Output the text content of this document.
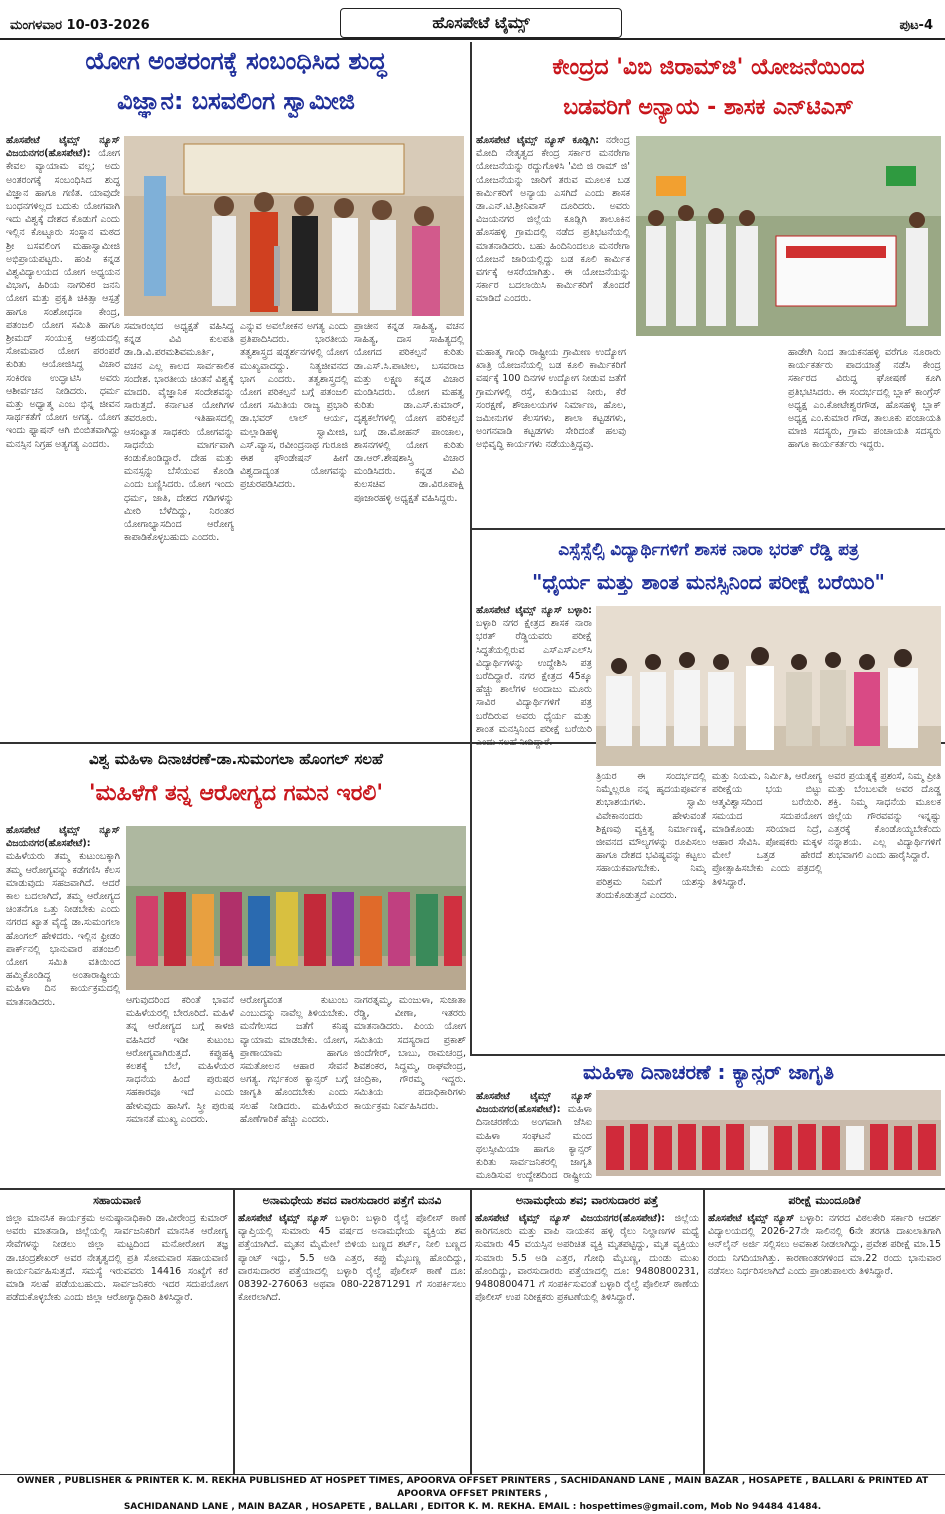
ಮಂಗಳವಾರ 10-03-2026	ಹೊಸಪೇಟೆ ಟೈಮ್ಸ್	ಪುಟ-4
ಯೋಗ ಅಂತರಂಗಕ್ಕೆ ಸಂಬಂಧಿಸಿದ ಶುದ್ಧ
ವಿಜ್ಞಾನ: ಬಸವಲಿಂಗ ಸ್ವಾಮೀಜಿ
ಹೊಸಪೇಟೆ ಟೈಮ್ಸ್ ನ್ಯೂಸ್ ವಿಜಯನಗರ(ಹೊಸಪೇಟೆ): ಯೋಗ ಕೇವಲ ವ್ಯಾಯಾಮ ವಲ್ಲ; ಅದು ಅಂತರಂಗಕ್ಕೆ ಸಂಬಂಧಿಸಿದ ಶುದ್ಧ ವಿಜ್ಞಾನ ಹಾಗೂ ಗಣಿತ. ಯಾವುದೇ ಬಂಧನಗಳಿಲ್ಲದ ಬದುಕು ಯೋಗವಾಗಿ ಇದು ವಿಶ್ವಕ್ಕೆ ದೇಶದ ಕೊಡುಗೆ ಎಂದು ಇಲ್ಲಿನ ಕೊಟ್ಟೂರು ಸಂಸ್ಥಾನ ಮಠದ ಶ್ರೀ ಬಸವಲಿಂಗ ಮಹಾಸ್ವಾಮೀಜಿ ಅಭಿಪ್ರಾಯಪಟ್ಟರು. ಹಂಪಿ ಕನ್ನಡ ವಿಶ್ವವಿದ್ಯಾಲಯದ ಯೋಗ ಅಧ್ಯಯನ ವಿಭಾಗ, ಹಿರಿಯ ನಾಗರಿಕರ ಜನನಿ ಯೋಗ ಮತ್ತು ಪ್ರಕೃತಿ ಚಿಕಿತ್ಸಾ ಆಸ್ಪತ್ರೆ ಹಾಗೂ ಸಂಶೋಧನಾ ಕೇಂದ್ರ, ಪತಂಜಲಿ ಯೋಗ ಸಮಿತಿ ಹಾಗೂ ಶ್ರೀಮದ್ ಸಂಯುಕ್ತ ಆಶ್ರಯದಲ್ಲಿ ಸೋಮವಾರ ಯೋಗ ಪರಂಪರೆ ಕುರಿತು ಆಯೋಜಿಸಿದ್ದ ವಿಚಾರ ಸಂಕಿರಣ ಉದ್ಘಾಟಿಸಿ ಅವರು ಆಶೀರ್ವಚನ ನೀಡಿದರು. ಧರ್ಮ ಮತ್ತು ಅಧ್ಯಾತ್ಮ ಎಂಬ ಭಿನ್ನ ಜೀವನ ಸಾರ್ಥಕತೆಗೆ ಯೋಗ ಅಗತ್ಯ. ಯೋಗ ಇಂದು ಫ್ಯಾಷನ್ ಆಗಿ ಬಿಂಬಿತವಾಗಿದ್ದು ಮನಸ್ಸಿನ ನಿಗ್ರಹ ಅತ್ಯಗತ್ಯ ಎಂದರು.
ಸಮಾರಂಭದ ಅಧ್ಯಕ್ಷತೆ ವಹಿಸಿದ್ದ ಕನ್ನಡ ವಿವಿ ಕುಲಪತಿ ಡಾ.ಡಿ.ವಿ.ಪರಮಶಿವಮೂರ್ತಿ, ವಚನ ಎಲ್ಲ ಕಾಲದ ಸಾರ್ವಕಾಲಿಕ ಸಂದೇಶ. ಭಾರತೀಯ ಚಿಂತನೆ ವಿಶ್ವಕ್ಕೆ ಮಾದರಿ. ವೈಜ್ಞಾನಿಕ ಸಂದೇಶವನ್ನು ಸಾರುತ್ತದೆ. ಕರ್ನಾಟಕ ಯೋಗಿಗಳ ತವರೂರು. ಇತಿಹಾಸದಲ್ಲಿ ಆಸಂಖ್ಯಾತ ಸಾಧಕರು ಯೋಗವನ್ನು ಸಾಧನೆಯ ಮಾರ್ಗವಾಗಿ ಕಂಡುಕೊಂಡಿದ್ದಾರೆ. ದೇಹ ಮತ್ತು ಮನಸ್ಸನ್ನು ಬೆಸೆಯುವ ಕೊಂಡಿ ಎಂದು ಬಣ್ಣಿಸಿದರು. ಯೋಗ ಇಂದು ಧರ್ಮ, ಜಾತಿ, ದೇಶದ ಗಡಿಗಳನ್ನು ಮೀರಿ ಬೆಳೆದಿದ್ದು, ನಿರಂತರ ಯೋಗಾಭ್ಯಾಸದಿಂದ ಆರೋಗ್ಯ ಕಾಪಾಡಿಕೊಳ್ಳಬಹುದು ಎಂದರು.
ಎನ್ನುವ ಅವಲೋಕನ ಅಗತ್ಯ ಎಂದು ಪ್ರತಿಪಾದಿಸಿದರು. ಭಾರತೀಯ ತತ್ವಶಾಸ್ತ್ರದ ಷಡ್ದರ್ಶನಗಳಲ್ಲಿ ಯೋಗ ಮುಖ್ಯವಾದದ್ದು. ನಿತ್ಯಜೀವನದ ಭಾಗ ಎಂದರು. ತತ್ವಶಾಸ್ತ್ರದಲ್ಲಿ ಯೋಗ ಪರಿಕಲ್ಪನೆ ಬಗ್ಗೆ ಪತಂಜಲಿ ಯೋಗ ಸಮಿತಿಯ ರಾಜ್ಯ ಪ್ರಭಾರಿ ಡಾ.ಭವರ್ ಲಾಲ್ ಆರ್ಯ, ಮಲ್ಲಾಡಿಹಳ್ಳಿ ಸ್ವಾಮೀಜಿ, ಎಸ್.ವ್ಯಾಸ, ರವೀಂದ್ರನಾಥ ಗುರೂಜಿ ಈಶ ಫೌಂಡೇಷನ್ ಹೀಗೆ ವಿಶ್ವದಾದ್ಯಂತ ಯೋಗವನ್ನು ಪ್ರಚುರಪಡಿಸಿದರು.
ಪ್ರಾಚೀನ ಕನ್ನಡ ಸಾಹಿತ್ಯ, ವಚನ ಸಾಹಿತ್ಯ, ದಾಸ ಸಾಹಿತ್ಯದಲ್ಲಿ ಯೋಗದ ಪರಿಕಲ್ಪನೆ ಕುರಿತು ಡಾ.ಎಸ್.ಸಿ.ಪಾಟೀಲ, ಬಸವರಾಜ ಮತ್ತು ಲಕ್ಷ್ಮಣ ಕನ್ನಡ ವಿಚಾರ ಮಂಡಿಸಿದರು. ಯೋಗ ಮಹತ್ವ ಕುರಿತು ಡಾ.ಎಸ್.ಕುಮಾರ್, ದೃಶ್ಯಕಲೆಗಳಲ್ಲಿ ಯೋಗ ಪರಿಕಲ್ಪನೆ ಬಗ್ಗೆ ಡಾ.ಮೋಹನ್ ಪಾಂಚಾಲ, ಶಾಸನಗಳಲ್ಲಿ ಯೋಗ ಕುರಿತು ಡಾ.ಆರ್.ಶೇಷಶಾಸ್ತ್ರಿ ವಿಚಾರ ಮಂಡಿಸಿದರು. ಕನ್ನಡ ವಿವಿ ಕುಲಸಚಿವ ಡಾ.ವಿರೂಪಾಕ್ಷಿ ಪೂಜಾರಹಳ್ಳಿ ಅಧ್ಯಕ್ಷತೆ ವಹಿಸಿದ್ದರು.
ಕೇಂದ್ರದ 'ವಿಬಿ ಜಿರಾಮ್‌ಜಿ' ಯೋಜನೆಯಿಂದ
ಬಡವರಿಗೆ ಅನ್ಯಾಯ - ಶಾಸಕ ಎನ್‌ಟಿಎಸ್
ಹೊಸಪೇಟೆ ಟೈಮ್ಸ್ ನ್ಯೂಸ್ ಕೂಡ್ಲಿಗಿ: ನರೇಂದ್ರ ಮೋದಿ ನೇತೃತ್ವದ ಕೇಂದ್ರ ಸರ್ಕಾರ ಮನರೇಗಾ ಯೋಜನೆಯನ್ನು ರದ್ದುಗೊಳಿಸಿ 'ವಿಬಿ ಜಿ ರಾಮ್ ಜಿ' ಯೋಜನೆಯನ್ನು ಜಾರಿಗೆ ತರುವ ಮೂಲಕ ಬಡ ಕಾರ್ಮಿಕರಿಗೆ ಅನ್ಯಾಯ ಎಸಗಿದೆ ಎಂದು ಶಾಸಕ ಡಾ.ಎನ್.ಟಿ.ಶ್ರೀನಿವಾಸ್ ದೂರಿದರು. ಅವರು ವಿಜಯನಗರ ಜಿಲ್ಲೆಯ ಕೂಡ್ಲಿಗಿ ತಾಲೂಕಿನ ಹೊಸಹಳ್ಳಿ ಗ್ರಾಮದಲ್ಲಿ ನಡೆದ ಪ್ರತಿಭಟನೆಯಲ್ಲಿ ಮಾತನಾಡಿದರು. ಬಹು ಹಿಂದಿನಿಂದಲೂ ಮನರೇಗಾ ಯೋಜನೆ ಜಾರಿಯಲ್ಲಿದ್ದು ಬಡ ಕೂಲಿ ಕಾರ್ಮಿಕ ವರ್ಗಕ್ಕೆ ಆಸರೆಯಾಗಿತ್ತು. ಈ ಯೋಜನೆಯನ್ನು ಸರ್ಕಾರ ಬದಲಾಯಿಸಿ ಕಾರ್ಮಿಕರಿಗೆ ತೊಂದರೆ ಮಾಡಿದೆ ಎಂದರು.
ಮಹಾತ್ಮ ಗಾಂಧಿ ರಾಷ್ಟ್ರೀಯ ಗ್ರಾಮೀಣ ಉದ್ಯೋಗ ಖಾತ್ರಿ ಯೋಜನೆಯಲ್ಲಿ ಬಡ ಕೂಲಿ ಕಾರ್ಮಿಕರಿಗೆ ವರ್ಷಕ್ಕೆ 100 ದಿನಗಳ ಉದ್ಯೋಗ ನೀಡುವ ಜತೆಗೆ ಗ್ರಾಮಗಳಲ್ಲಿ ರಸ್ತೆ, ಕುಡಿಯುವ ನೀರು, ಕೆರೆ ಸಂರಕ್ಷಣೆ, ಶೌಚಾಲಯಗಳ ನಿರ್ಮಾಣ, ಹೊಲ, ಜಮೀನುಗಳ ಕೆಲಸಗಳು, ಶಾಲಾ ಕಟ್ಟಡಗಳು, ಅಂಗನವಾಡಿ ಕಟ್ಟಡಗಳು ಸೇರಿದಂತೆ ಹಲವು ಅಭಿವೃದ್ಧಿ ಕಾರ್ಯಗಳು ನಡೆಯುತ್ತಿದ್ದವು.
ಹಾಡೇಗಿ ನಿಂದ ತಾಯಕನಹಳ್ಳಿ ವರೆಗೂ ನೂರಾರು ಕಾರ್ಯಕರ್ತರು ಪಾದಯಾತ್ರೆ ನಡೆಸಿ ಕೇಂದ್ರ ಸರ್ಕಾರದ ವಿರುದ್ಧ ಘೋಷಣೆ ಕೂಗಿ ಪ್ರತಿಭಟಿಸಿದರು. ಈ ಸಂದರ್ಭದಲ್ಲಿ ಬ್ಲಾಕ್ ಕಾಂಗ್ರೆಸ್ ಅಧ್ಯಕ್ಷ ಎಂ.ಕೋಟೇಶ್ವರಗೌಡ, ಹೊಸಹಳ್ಳಿ ಬ್ಲಾಕ್ ಅಧ್ಯಕ್ಷ ಎಂ.ಕುಮಾರ ಗೌಡ, ತಾಲೂಕು ಪಂಚಾಯತಿ ಮಾಜಿ ಸದಸ್ಯರು, ಗ್ರಾಮ ಪಂಚಾಯತಿ ಸದಸ್ಯರು ಹಾಗೂ ಕಾರ್ಯಕರ್ತರು ಇದ್ದರು.
ಎಸ್ಸೆಸ್ಸೆಲ್ಸಿ ವಿದ್ಯಾರ್ಥಿಗಳಿಗೆ ಶಾಸಕ ನಾರಾ ಭರತ್ ರೆಡ್ಡಿ ಪತ್ರ
"ಧೈರ್ಯ ಮತ್ತು ಶಾಂತ ಮನಸ್ಸಿನಿಂದ ಪರೀಕ್ಷೆ ಬರೆಯಿರಿ"
ಹೊಸಪೇಟೆ ಟೈಮ್ಸ್ ನ್ಯೂಸ್ ಬಳ್ಳಾರಿ: ಬಳ್ಳಾರಿ ನಗರ ಕ್ಷೇತ್ರದ ಶಾಸಕ ನಾರಾ ಭರತ್ ರೆಡ್ಡಿಯವರು ಪರೀಕ್ಷೆ ಸಿದ್ಧತೆಯಲ್ಲಿರುವ ಎಸ್‌ಎಸ್‌ಎಲ್‌ಸಿ ವಿದ್ಯಾರ್ಥಿಗಳನ್ನು ಉದ್ದೇಶಿಸಿ ಪತ್ರ ಬರೆದಿದ್ದಾರೆ. ನಗರ ಕ್ಷೇತ್ರದ 45ಕ್ಕೂ ಹೆಚ್ಚು ಶಾಲೆಗಳ ಅಂದಾಜು ಮೂರು ಸಾವಿರ ವಿದ್ಯಾರ್ಥಿಗಳಿಗೆ ಪತ್ರ ಬರೆದಿರುವ ಅವರು ಧೈರ್ಯ ಮತ್ತು ಶಾಂತ ಮನಸ್ಸಿನಿಂದ ಪರೀಕ್ಷೆ ಬರೆಯಿರಿ ಎಂದು ಸಲಹೆ ನೀಡಿದ್ದಾರೆ.
ತ್ರಿಯರ ಈ ಸಂದರ್ಭದಲ್ಲಿ ನಿಮ್ಮೆಲ್ಲರೂ ನನ್ನ ಹೃದಯಪೂರ್ವಕ ಶುಭಾಶಯಗಳು. ಸ್ವಾಮಿ ವಿವೇಕಾನಂದರು ಹೇಳುವಂತೆ ಶಿಕ್ಷಣವು ವ್ಯಕ್ತಿತ್ವ ನಿರ್ಮಾಣಕ್ಕೆ, ಜೀವನದ ಮೌಲ್ಯಗಳನ್ನು ರೂಪಿಸಲು ಹಾಗೂ ದೇಶದ ಭವಿಷ್ಯವನ್ನು ಕಟ್ಟಲು ಸಹಾಯಕವಾಗಬೇಕು. ನಿಮ್ಮ ಪರಿಶ್ರಮ ನಿಮಗೆ ಯಶಸ್ಸು ತಂದುಕೊಡುತ್ತದೆ ಎಂದರು.
ಮತ್ತು ನಿಯಮ, ನಿರ್ಮಿತಿ, ಆರೋಗ್ಯ ಪರೀಕ್ಷೆಯ ಭಯ ಬಿಟ್ಟು ಆತ್ಮವಿಶ್ವಾಸದಿಂದ ಬರೆಯಿರಿ. ಸಮಯದ ಸದುಪಯೋಗ ಮಾಡಿಕೊಂಡು ಸರಿಯಾದ ನಿದ್ರೆ, ಆಹಾರ ಸೇವಿಸಿ. ಪೋಷಕರು ಮಕ್ಕಳ ಮೇಲೆ ಒತ್ತಡ ಹೇರದೆ ಪ್ರೋತ್ಸಾಹಿಸಬೇಕು ಎಂದು ಪತ್ರದಲ್ಲಿ ತಿಳಿಸಿದ್ದಾರೆ.
ಅವರ ಪ್ರಯತ್ನಕ್ಕೆ ಪ್ರಶಂಸೆ, ನಿಮ್ಮ ಪ್ರೀತಿ ಮತ್ತು ಬೆಂಬಲವೇ ಅವರ ದೊಡ್ಡ ಶಕ್ತಿ. ನಿಮ್ಮ ಸಾಧನೆಯ ಮೂಲಕ ಜಿಲ್ಲೆಯ ಗೌರವವನ್ನು ಇನ್ನಷ್ಟು ಎತ್ತರಕ್ಕೆ ಕೊಂಡೊಯ್ಯಬೇಕೆಂದು ನನ್ನಾಶಯ. ಎಲ್ಲ ವಿದ್ಯಾರ್ಥಿಗಳಿಗೆ ಶುಭವಾಗಲಿ ಎಂದು ಹಾರೈಸಿದ್ದಾರೆ.
ವಿಶ್ವ ಮಹಿಳಾ ದಿನಾಚರಣೆ-ಡಾ.ಸುಮಂಗಲಾ ಹೊಂಗಲ್ ಸಲಹೆ
'ಮಹಿಳೆಗೆ ತನ್ನ ಆರೋಗ್ಯದ ಗಮನ ಇರಲಿ'
ಹೊಸಪೇಟೆ ಟೈಮ್ಸ್ ನ್ಯೂಸ್ ವಿಜಯನಗರ(ಹೊಸಪೇಟೆ): ಮಹಿಳೆಯರು ತಮ್ಮ ಕುಟುಂಬಕ್ಕಾಗಿ ತಮ್ಮ ಆರೋಗ್ಯವನ್ನು ಕಡೆಗಣಿಸಿ ಕೆಲಸ ಮಾಡುವುದು ಸಹಜವಾಗಿದೆ. ಆದರೆ ಕಾಲ ಬದಲಾಗಿದೆ, ತಮ್ಮ ಆರೋಗ್ಯದ ಚಿಂತನೆಗೂ ಒತ್ತು ನೀಡಬೇಕು ಎಂದು ನಗರದ ಖ್ಯಾತ ವೈದ್ಯೆ ಡಾ.ಸುಮಂಗಲಾ ಹೊಂಗಲ್ ಹೇಳಿದರು. ಇಲ್ಲಿನ ಫ್ರೀಡಂ ಪಾರ್ಕ್‌ನಲ್ಲಿ ಭಾನುವಾರ ಪತಂಜಲಿ ಯೋಗ ಸಮಿತಿ ವತಿಯಿಂದ ಹಮ್ಮಿಕೊಂಡಿದ್ದ ಅಂತಾರಾಷ್ಟ್ರೀಯ ಮಹಿಳಾ ದಿನ ಕಾರ್ಯಕ್ರಮದಲ್ಲಿ ಮಾತನಾಡಿದರು.	ಆಗುವುದರಿಂದ ಕರಿಂತೆ ಭಾವನೆ ಮಹಿಳೆಯರಲ್ಲಿ ಬೇರೂರಿದೆ. ಮಹಿಳೆ ತನ್ನ ಆರೋಗ್ಯದ ಬಗ್ಗೆ ಕಾಳಜಿ ವಹಿಸಿದರೆ ಇಡೀ ಕುಟುಂಬ ಆರೋಗ್ಯವಾಗಿರುತ್ತದೆ. ಕಪ್ಪುಹಕ್ಕಿ ಕಲಶಕ್ಕೆ ಬೆಲೆ, ಮಹಿಳೆಯರ ಸಾಧನೆಯ ಹಿಂದೆ ಪುರುಷರ ಸಹಕಾರವೂ ಇದೆ ಎಂದು ಹೇಳುವುದು ಹಾಸಿಗೆ. ಸ್ತ್ರೀ ಪುರುಷ ಸಮಾನತೆ ಮುಖ್ಯ ಎಂದರು.
ಆರೋಗ್ಯವಂತ ಕುಟುಂಬ ಎಂಬುದನ್ನು ನಾವೆಲ್ಲ ತಿಳಿಯಬೇಕು. ಮನೆಗೆಲಸದ ಜತೆಗೆ ಕನಿಷ್ಠ ವ್ಯಾಯಾಮ ಮಾಡಬೇಕು. ಯೋಗ, ಪ್ರಾಣಾಯಾಮ ಹಾಗೂ ಸಮತೋಲನ ಆಹಾರ ಸೇವನೆ ಅಗತ್ಯ. ಗರ್ಭಕಂಠ ಕ್ಯಾನ್ಸರ್ ಬಗ್ಗೆ ಜಾಗೃತಿ ಹೊಂದಬೇಕು ಎಂದು ಸಲಹೆ ನೀಡಿದರು. ಮಹಿಳೆಯರ ಹೊಣೆಗಾರಿಕೆ ಹೆಚ್ಚು ಎಂದರು.
ನಾಗರತ್ನಮ್ಮ, ಮಂಜುಳಾ, ಸುಜಾತಾ ರೆಡ್ಡಿ, ವೀಣಾ, ಇತರರು ಮಾತನಾಡಿದರು. ಪಿಂಯ ಯೋಗ ಸಮಿತಿಯ ಸದಸ್ಯರಾದ ಪ್ರಕಾಶ್ ಜಿಂದೆಗೇರ್, ಬಾಬು, ರಾಮಚಂದ್ರ, ಶಿವಶಂಕರ, ಸಿದ್ದಮ್ಮ, ರಾಘವೇಂದ್ರ, ಚಂದ್ರಿಕಾ, ಗೌರಮ್ಮ ಇದ್ದರು. ಸಮಿತಿಯ ಪದಾಧಿಕಾರಿಗಳು ಕಾರ್ಯಕ್ರಮ ನಿರ್ವಹಿಸಿದರು.
ಮಹಿಳಾ ದಿನಾಚರಣೆ : ಕ್ಯಾನ್ಸರ್ ಜಾಗೃತಿ
ಹೊಸಪೇಟೆ ಟೈಮ್ಸ್ ನ್ಯೂಸ್ ವಿಜಯನಗರ(ಹೊಸಪೇಟೆ): ಮಹಿಳಾ ದಿನಾಚರಣೆಯ ಅಂಗವಾಗಿ ಜೆಸಿಐ ಮಹಿಳಾ ಸಂಘಟನೆ ಮಂದ ಥಲಸ್ಸೀಮಿಯಾ ಹಾಗೂ ಕ್ಯಾನ್ಸರ್ ಕುರಿತು ಸಾರ್ವಜನಿಕರಲ್ಲಿ ಜಾಗೃತಿ ಮೂಡಿಸುವ ಉದ್ದೇಶದಿಂದ ರಾಷ್ಟ್ರೀಯ
ಸಹಾಯವಾಣಿ
ಜಿಲ್ಲಾ ಮಾನಸಿಕ ಕಾರ್ಯಕ್ರಮ ಅನುಷ್ಠಾನಾಧಿಕಾರಿ ಡಾ.ವೀರೇಂದ್ರ ಕುಮಾರ್ ಅವರು ಮಾತನಾಡಿ, ಜಿಲ್ಲೆಯಲ್ಲಿ ಸಾರ್ವಜನಿಕರಿಗೆ ಮಾನಸಿಕ ಆರೋಗ್ಯ ಸೇವೆಗಳನ್ನು ನೀಡಲು ಜಿಲ್ಲಾ ಮಟ್ಟದಿಂದ ಮನೋರೋಗ ತಜ್ಞ ಡಾ.ಚಂದ್ರಶೇಖರ್ ಅವರ ನೇತೃತ್ವದಲ್ಲಿ ಪ್ರತಿ ಸೋಮವಾರ ಸಹಾಯವಾಣಿ ಕಾರ್ಯನಿರ್ವಹಿಸುತ್ತದೆ. ಸಮಸ್ಯೆ ಇರುವವರು 14416 ಸಂಖ್ಯೆಗೆ ಕರೆ ಮಾಡಿ ಸಲಹೆ ಪಡೆಯಬಹುದು. ಸಾರ್ವಜನಿಕರು ಇದರ ಸದುಪಯೋಗ ಪಡೆದುಕೊಳ್ಳಬೇಕು ಎಂದು ಜಿಲ್ಲಾ ಆರೋಗ್ಯಾಧಿಕಾರಿ ತಿಳಿಸಿದ್ದಾರೆ.
ಅನಾಮಧೇಯ ಶವದ ವಾರಸುದಾರರ ಪತ್ತೆಗೆ ಮನವಿ
ಹೊಸಪೇಟೆ ಟೈಮ್ಸ್ ನ್ಯೂಸ್ ಬಳ್ಳಾರಿ: ಬಳ್ಳಾರಿ ರೈಲ್ವೆ ಪೊಲೀಸ್ ಠಾಣೆ ವ್ಯಾಪ್ತಿಯಲ್ಲಿ ಸುಮಾರು 45 ವರ್ಷದ ಅನಾಮಧೇಯ ವ್ಯಕ್ತಿಯ ಶವ ಪತ್ತೆಯಾಗಿದೆ. ಮೃತನ ಮೈಮೇಲೆ ಬಿಳಿಯ ಬಣ್ಣದ ಶರ್ಟ್, ನೀಲಿ ಬಣ್ಣದ ಪ್ಯಾಂಟ್ ಇದ್ದು, 5.5 ಅಡಿ ಎತ್ತರ, ಕಪ್ಪು ಮೈಬಣ್ಣ ಹೊಂದಿದ್ದು, ವಾರಸುದಾರರ ಪತ್ತೆಯಾದಲ್ಲಿ ಬಳ್ಳಾರಿ ರೈಲ್ವೆ ಪೊಲೀಸ್ ಠಾಣೆ ದೂ: 08392-276063 ಅಥವಾ 080-22871291 ಗೆ ಸಂಪರ್ಕಿಸಲು ಕೋರಲಾಗಿದೆ.
ಅನಾಮಧೇಯ ಶವ; ವಾರಸುದಾರರ ಪತ್ತೆ
ಹೊಸಪೇಟೆ ಟೈಮ್ಸ್ ನ್ಯೂಸ್ ವಿಜಯನಗರ(ಹೊಸಪೇಟೆ): ಜಿಲ್ಲೆಯ ಕಾರಿಗನೂರು ಮತ್ತು ವಾಪಿ ನಾಯಕನ ಹಳ್ಳಿ ರೈಲು ನಿಲ್ದಾಣಗಳ ಮಧ್ಯೆ ಸುಮಾರು 45 ವಯಸ್ಸಿನ ಅಪರಿಚಿತ ವ್ಯಕ್ತಿ ಮೃತಪಟ್ಟಿದ್ದು, ಮೃತ ವ್ಯಕ್ತಿಯು ಸುಮಾರು 5.5 ಅಡಿ ಎತ್ತರ, ಗೋಧಿ ಮೈಬಣ್ಣ, ದುಂಡು ಮುಖ ಹೊಂದಿದ್ದು, ವಾರಸುದಾರರು ಪತ್ತೆಯಾದಲ್ಲಿ ದೂ: 9480800231, 9480800471 ಗೆ ಸಂಪರ್ಕಿಸುವಂತೆ ಬಳ್ಳಾರಿ ರೈಲ್ವೆ ಪೊಲೀಸ್ ಠಾಣೆಯ ಪೊಲೀಸ್ ಉಪ ನಿರೀಕ್ಷಕರು ಪ್ರಕಟಣೆಯಲ್ಲಿ ತಿಳಿಸಿದ್ದಾರೆ.
ಪರೀಕ್ಷೆ ಮುಂದೂಡಿಕೆ
ಹೊಸಪೇಟೆ ಟೈಮ್ಸ್ ನ್ಯೂಸ್ ಬಳ್ಳಾರಿ: ನಗರದ ವಿಠಲಕೇರಿ ಸರ್ಕಾರಿ ಆದರ್ಶ ವಿದ್ಯಾಲಯದಲ್ಲಿ 2026-27ನೇ ಸಾಲಿನಲ್ಲಿ 6ನೇ ತರಗತಿ ದಾಖಲಾತಿಗಾಗಿ ಆನ್‌ಲೈನ್ ಅರ್ಜಿ ಸಲ್ಲಿಸಲು ಅವಕಾಶ ನೀಡಲಾಗಿದ್ದು, ಪ್ರವೇಶ ಪರೀಕ್ಷೆ ಮಾ.15 ರಂದು ನಿಗದಿಯಾಗಿತ್ತು. ಕಾರಣಾಂತರಗಳಿಂದ ಮಾ.22 ರಂದು ಭಾನುವಾರ ನಡೆಸಲು ನಿರ್ಧರಿಸಲಾಗಿದೆ ಎಂದು ಪ್ರಾಂಶುಪಾಲರು ತಿಳಿಸಿದ್ದಾರೆ.
OWNER , PUBLISHER & PRINTER K. M. REKHA PUBLISHED AT HOSPET TIMES, APOORVA OFFSET PRINTERS , SACHIDANAND LANE , MAIN BAZAR , HOSAPETE , BALLARI & PRINTED AT APOORVA OFFSET PRINTERS ,
SACHIDANAND LANE , MAIN BAZAR , HOSAPETE , BALLARI , EDITOR K. M. REKHA. EMAIL : hospettimes@gmail.com, Mob No 94484 41484.
